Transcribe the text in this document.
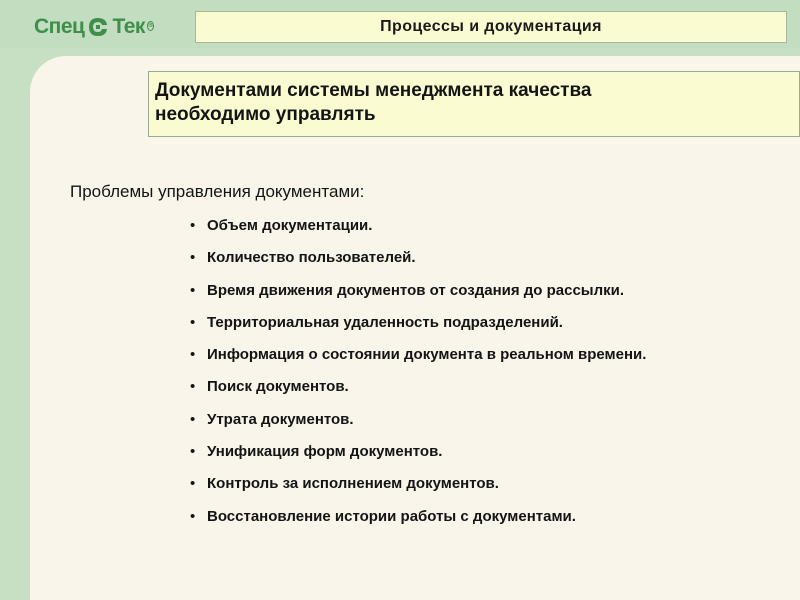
Спец Тек ®	Процессы и документация
Документами системы менеджмента качества
необходимо управлять
Проблемы управления документами:
• Объем документации.
• Количество пользователей.
• Время движения документов от создания до рассылки.
• Территориальная удаленность подразделений.
• Информация о состоянии документа в реальном времени.
• Поиск документов.
• Утрата документов.
• Унификация форм документов.
• Контроль за исполнением документов.
• Восстановление истории работы с документами.
